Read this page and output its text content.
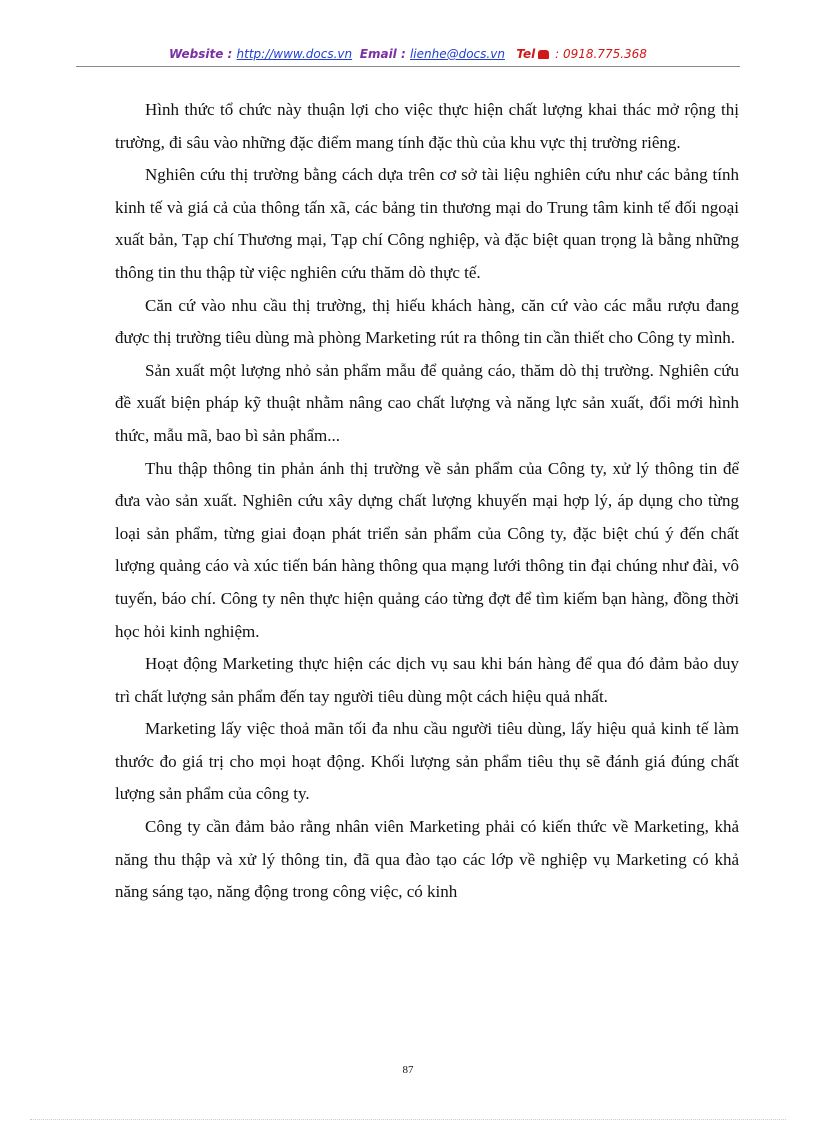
Website : http://www.docs.vn Email : lienhe@docs.vn Tel : 0918.775.368

Hình thức tổ chức này thuận lợi cho việc thực hiện chất lượng khai thác mở rộng thị trường, đi sâu vào những đặc điểm mang tính đặc thù của khu vực thị trường riêng.

Nghiên cứu thị trường bằng cách dựa trên cơ sở tài liệu nghiên cứu như các bảng tính kinh tế và giá cả của thông tấn xã, các bảng tin thương mại do Trung tâm kinh tế đối ngoại xuất bản, Tạp chí Thương mại, Tạp chí Công nghiệp, và đặc biệt quan trọng là bằng những thông tin thu thập từ việc nghiên cứu thăm dò thực tế.

Căn cứ vào nhu cầu thị trường, thị hiếu khách hàng, căn cứ vào các mẫu rượu đang được thị trường tiêu dùng mà phòng Marketing rút ra thông tin cần thiết cho Công ty mình.

Sản xuất một lượng nhỏ sản phẩm mẫu để quảng cáo, thăm dò thị trường. Nghiên cứu đề xuất biện pháp kỹ thuật nhằm nâng cao chất lượng và năng lực sản xuất, đổi mới hình thức, mẫu mã, bao bì sản phẩm...

Thu thập thông tin phản ánh thị trường về sản phẩm của Công ty, xử lý thông tin để đưa vào sản xuất. Nghiên cứu xây dựng chất lượng khuyến mại hợp lý, áp dụng cho từng loại sản phẩm, từng giai đoạn phát triển sản phẩm của Công ty, đặc biệt chú ý đến chất lượng quảng cáo và xúc tiến bán hàng thông qua mạng lưới thông tin đại chúng như đài, vô tuyến, báo chí. Công ty nên thực hiện quảng cáo từng đợt để tìm kiếm bạn hàng, đồng thời học hỏi kinh nghiệm.

Hoạt động Marketing thực hiện các dịch vụ sau khi bán hàng để qua đó đảm bảo duy trì chất lượng sản phẩm đến tay người tiêu dùng một cách hiệu quả nhất.

Marketing lấy việc thoả mãn tối đa nhu cầu người tiêu dùng, lấy hiệu quả kinh tế làm thước đo giá trị cho mọi hoạt động. Khối lượng sản phẩm tiêu thụ sẽ đánh giá đúng chất lượng sản phẩm của công ty.

Công ty cần đảm bảo rằng nhân viên Marketing phải có kiến thức về Marketing, khả năng thu thập và xử lý thông tin, đã qua đào tạo các lớp về nghiệp vụ Marketing có khả năng sáng tạo, năng động trong công việc, có kinh

87
